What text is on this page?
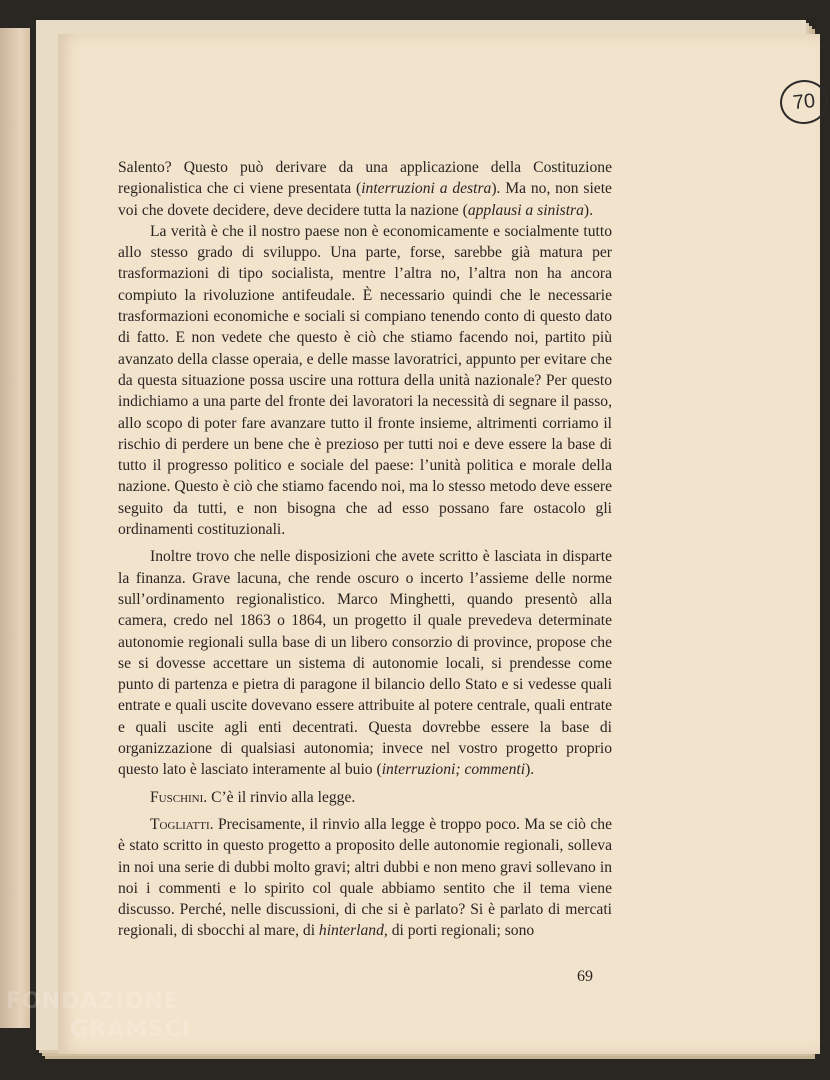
70

Salento? Questo può derivare da una applicazione della Costituzione regionalistica che ci viene presentata (interruzioni a destra). Ma no, non siete voi che dovete decidere, deve decidere tutta la nazione (applausi a sinistra).

La verità è che il nostro paese non è economicamente e socialmente tutto allo stesso grado di sviluppo. Una parte, forse, sarebbe già matura per trasformazioni di tipo socialista, mentre l’altra no, l’altra non ha ancora compiuto la rivoluzione antifeudale. È necessario quindi che le necessarie trasformazioni economiche e sociali si compiano tenendo conto di questo dato di fatto. E non vedete che questo è ciò che stiamo facendo noi, partito più avanzato della classe operaia, e delle masse lavoratrici, appunto per evitare che da questa situazione possa uscire una rottura della unità nazionale? Per questo indichiamo a una parte del fronte dei lavoratori la necessità di segnare il passo, allo scopo di poter fare avanzare tutto il fronte insieme, altrimenti corriamo il rischio di perdere un bene che è prezioso per tutti noi e deve essere la base di tutto il progresso politico e sociale del paese: l’unità politica e morale della nazione. Questo è ciò che stiamo facendo noi, ma lo stesso metodo deve essere seguito da tutti, e non bisogna che ad esso possano fare ostacolo gli ordinamenti costituzionali.

Inoltre trovo che nelle disposizioni che avete scritto è lasciata in disparte la finanza. Grave lacuna, che rende oscuro o incerto l’assieme delle norme sull’ordinamento regionalistico. Marco Minghetti, quando presentò alla camera, credo nel 1863 o 1864, un progetto il quale prevedeva determinate autonomie regionali sulla base di un libero consorzio di province, propose che se si dovesse accettare un sistema di autonomie locali, si prendesse come punto di partenza e pietra di paragone il bilancio dello Stato e si vedesse quali entrate e quali uscite dovevano essere attribuite al potere centrale, quali entrate e quali uscite agli enti decentrati. Questa dovrebbe essere la base di organizzazione di qualsiasi autonomia; invece nel vostro progetto proprio questo lato è lasciato interamente al buio (interruzioni; commenti).

Fuschini. C’è il rinvio alla legge.

Togliatti. Precisamente, il rinvio alla legge è troppo poco. Ma se ciò che è stato scritto in questo progetto a proposito delle autonomie regionali, solleva in noi una serie di dubbi molto gravi; altri dubbi e non meno gravi sollevano in noi i commenti e lo spirito col quale abbiamo sentito che il tema viene discusso. Perché, nelle discussioni, di che si è parlato? Si è parlato di mercati regionali, di sbocchi al mare, di hinterland, di porti regionali; sono

69
FONDAZIONE
GRAMSCI
